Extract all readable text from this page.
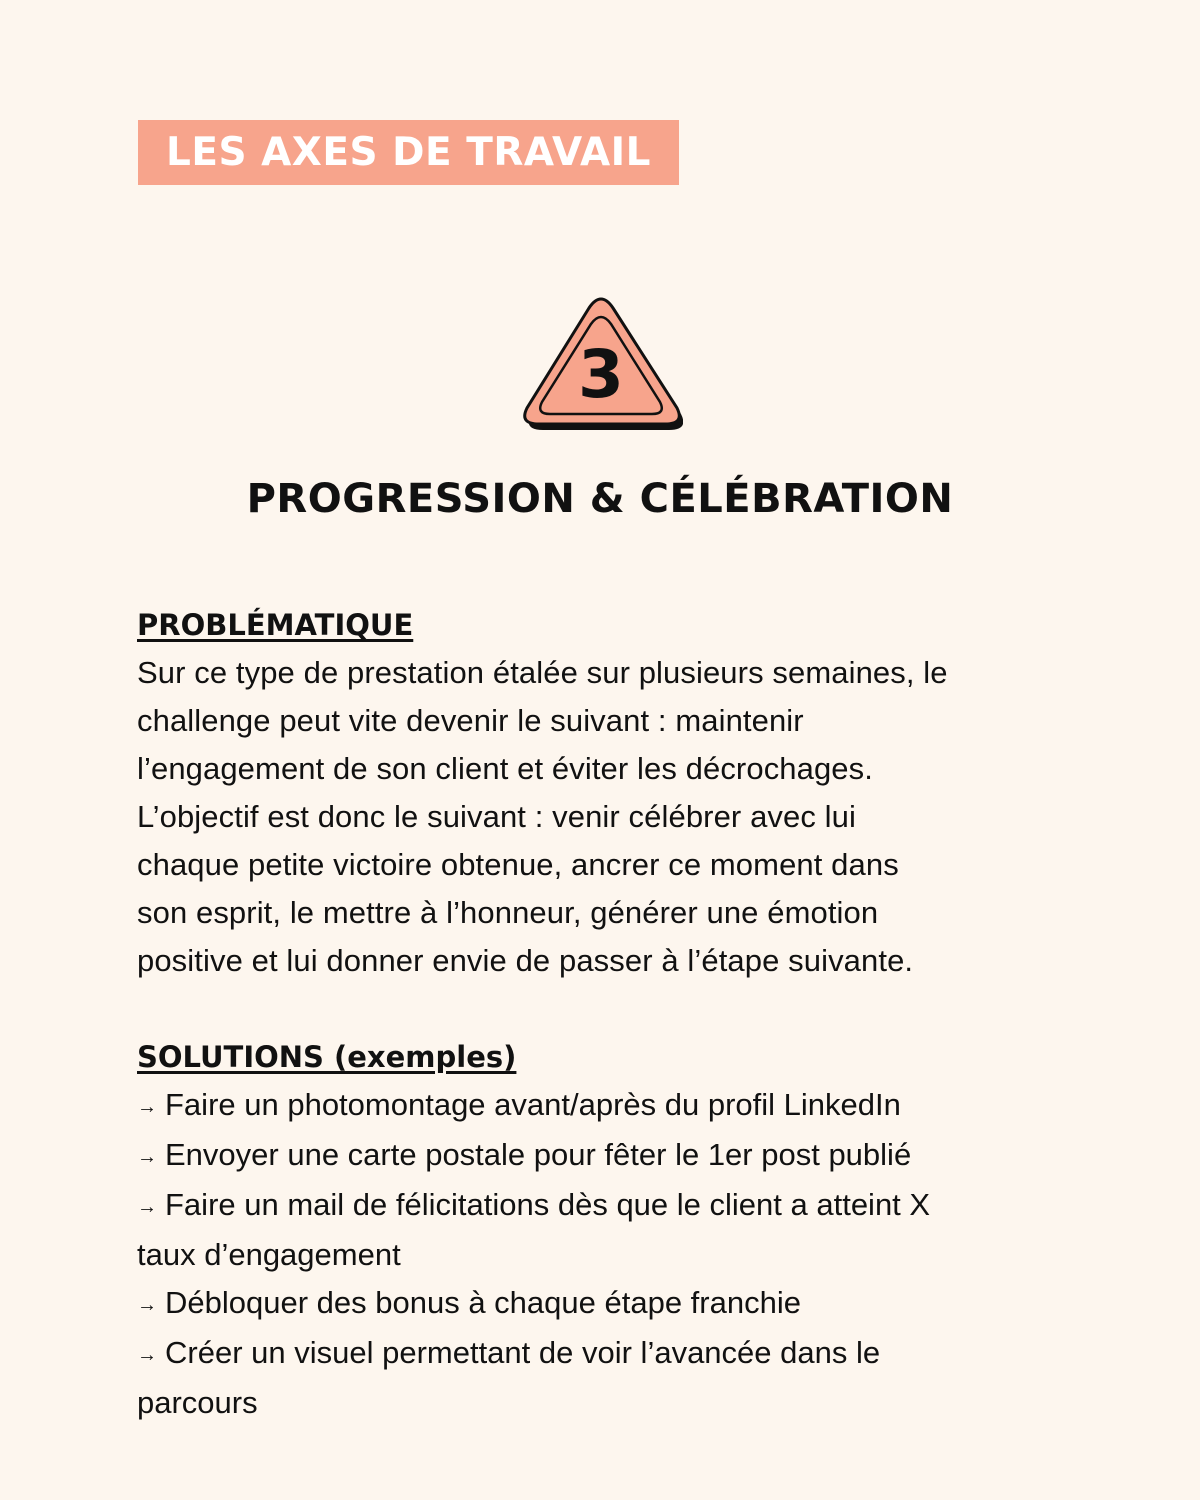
LES AXES DE TRAVAIL
3
PROGRESSION & CÉLÉBRATION
PROBLÉMATIQUE

Sur ce type de prestation étalée sur plusieurs semaines, le
challenge peut vite devenir le suivant : maintenir
l’engagement de son client et éviter les décrochages.
L’objectif est donc le suivant : venir célébrer avec lui
chaque petite victoire obtenue, ancrer ce moment dans
son esprit, le mettre à l’honneur, générer une émotion
positive et lui donner envie de passer à l’étape suivante.

SOLUTIONS (exemples)
→ Faire un photomontage avant/après du profil LinkedIn
→ Envoyer une carte postale pour fêter le 1er post publié
→ Faire un mail de félicitations dès que le client a atteint X
taux d’engagement
→ Débloquer des bonus à chaque étape franchie
→ Créer un visuel permettant de voir l’avancée dans le
parcours
